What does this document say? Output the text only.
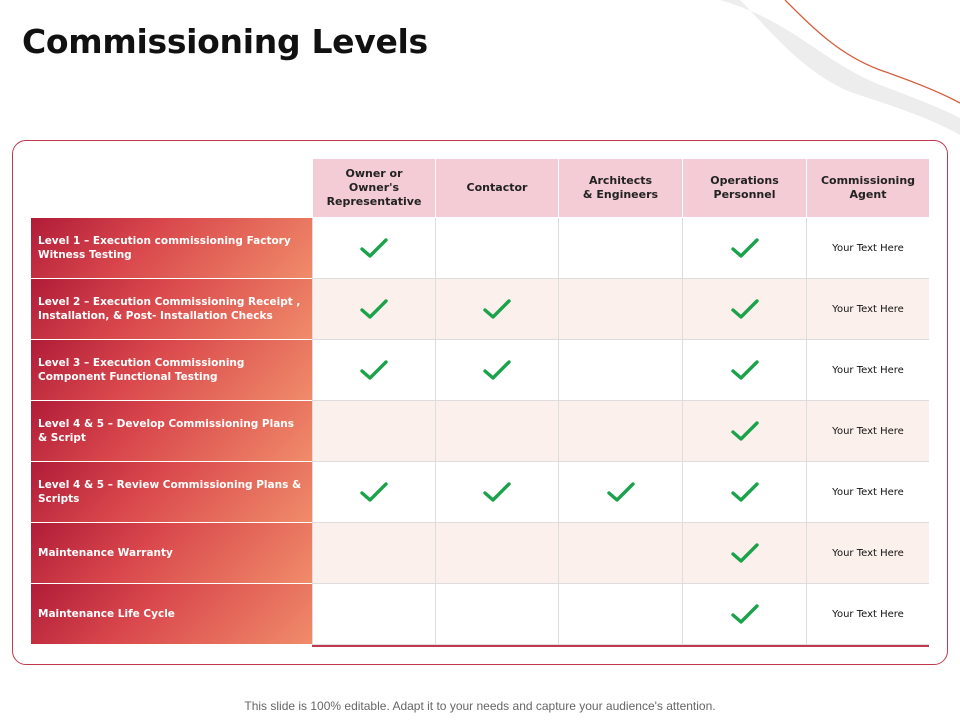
Commissioning Levels
Owner or Owner's
Representative
Contactor
Architects
& Engineers
Operations
Personnel
Commissioning
Agent
Level 1 – Execution commissioning Factory Witness Testing
Your Text Here
Level 2 – Execution Commissioning Receipt , Installation, & Post- Installation Checks
Your Text Here
Level 3 – Execution Commissioning Component Functional Testing
Your Text Here
Level 4 & 5 – Develop Commissioning Plans & Script
Your Text Here
Level 4 & 5 – Review Commissioning Plans & Scripts
Your Text Here
Maintenance Warranty	Your Text Here
Maintenance Life Cycle	Your Text Here
This slide is 100% editable. Adapt it to your needs and capture your audience's attention.
